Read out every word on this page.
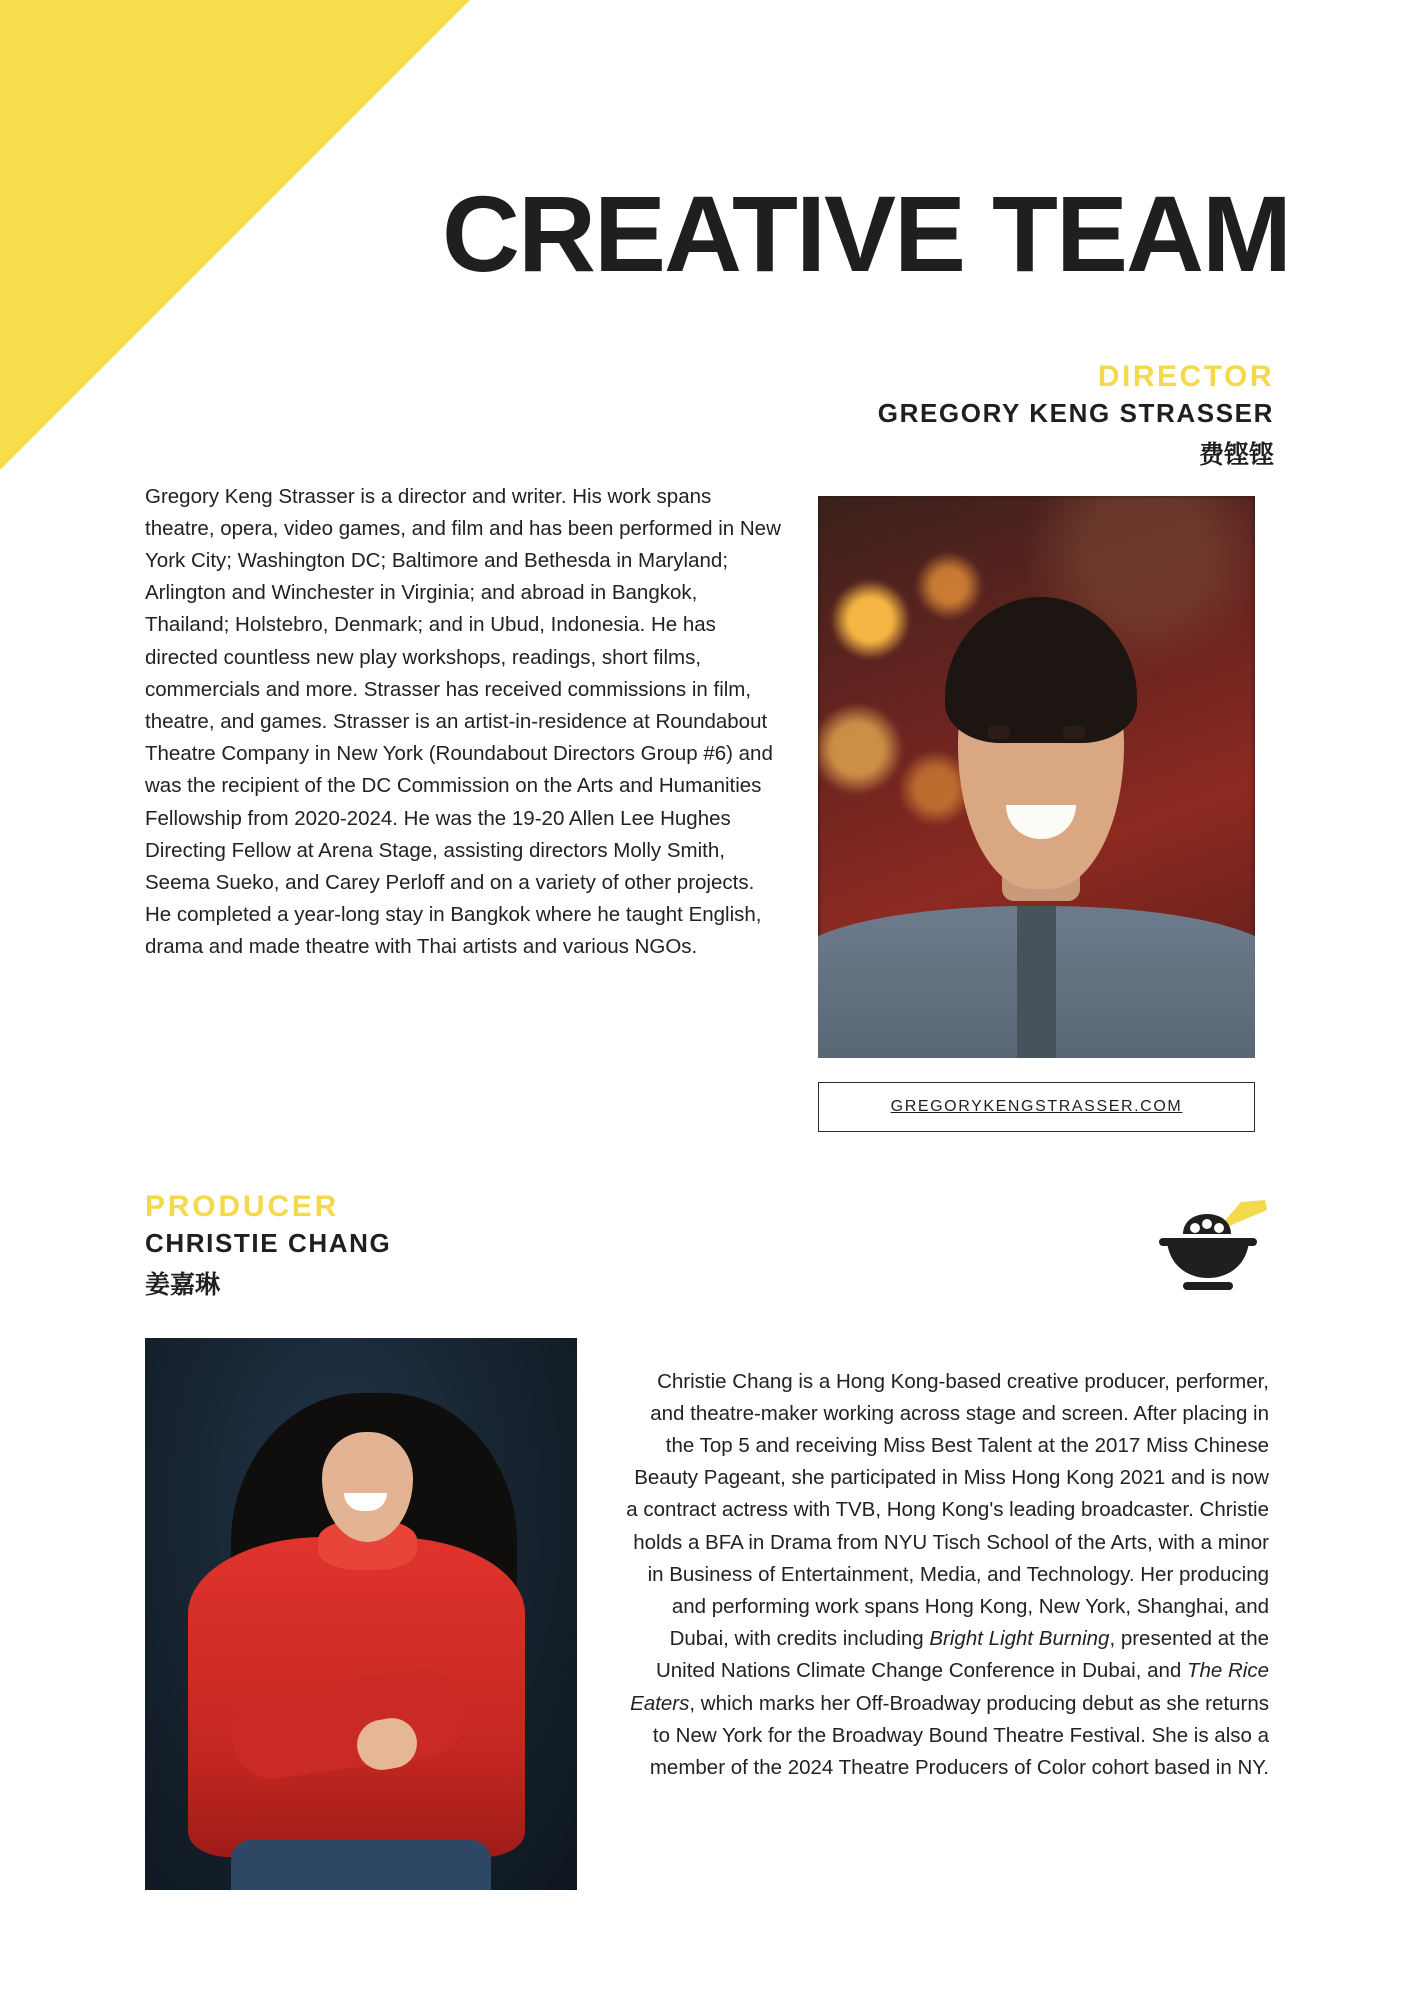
CREATIVE TEAM

DIRECTOR

GREGORY KENG STRASSER

费铿铿

Gregory Keng Strasser is a director and writer. His work spans theatre, opera, video games, and film and has been performed in New York City; Washington DC; Baltimore and Bethesda in Maryland; Arlington and Winchester in Virginia; and abroad in Bangkok, Thailand; Holstebro, Denmark; and in Ubud, Indonesia. He has directed countless new play workshops, readings, short films, commercials and more. Strasser has received commissions in film, theatre, and games. Strasser is an artist-in-residence at Roundabout Theatre Company in New York (Roundabout Directors Group #6) and was the recipient of the DC Commission on the Arts and Humanities Fellowship from 2020-2024. He was the 19-20 Allen Lee Hughes Directing Fellow at Arena Stage, assisting directors Molly Smith, Seema Sueko, and Carey Perloff and on a variety of other projects. He completed a year-long stay in Bangkok where he taught English, drama and made theatre with Thai artists and various NGOs.

GREGORYKENGSTRASSER.COM

PRODUCER

CHRISTIE CHANG

姜嘉琳

Christie Chang is a Hong Kong-based creative producer, performer, and theatre-maker working across stage and screen. After placing in the Top 5 and receiving Miss Best Talent at the 2017 Miss Chinese Beauty Pageant, she participated in Miss Hong Kong 2021 and is now a contract actress with TVB, Hong Kong's leading broadcaster. Christie holds a BFA in Drama from NYU Tisch School of the Arts, with a minor in Business of Entertainment, Media, and Technology. Her producing and performing work spans Hong Kong, New York, Shanghai, and Dubai, with credits including Bright Light Burning, presented at the United Nations Climate Change Conference in Dubai, and The Rice Eaters, which marks her Off-Broadway producing debut as she returns to New York for the Broadway Bound Theatre Festival. She is also a member of the 2024 Theatre Producers of Color cohort based in NY.
